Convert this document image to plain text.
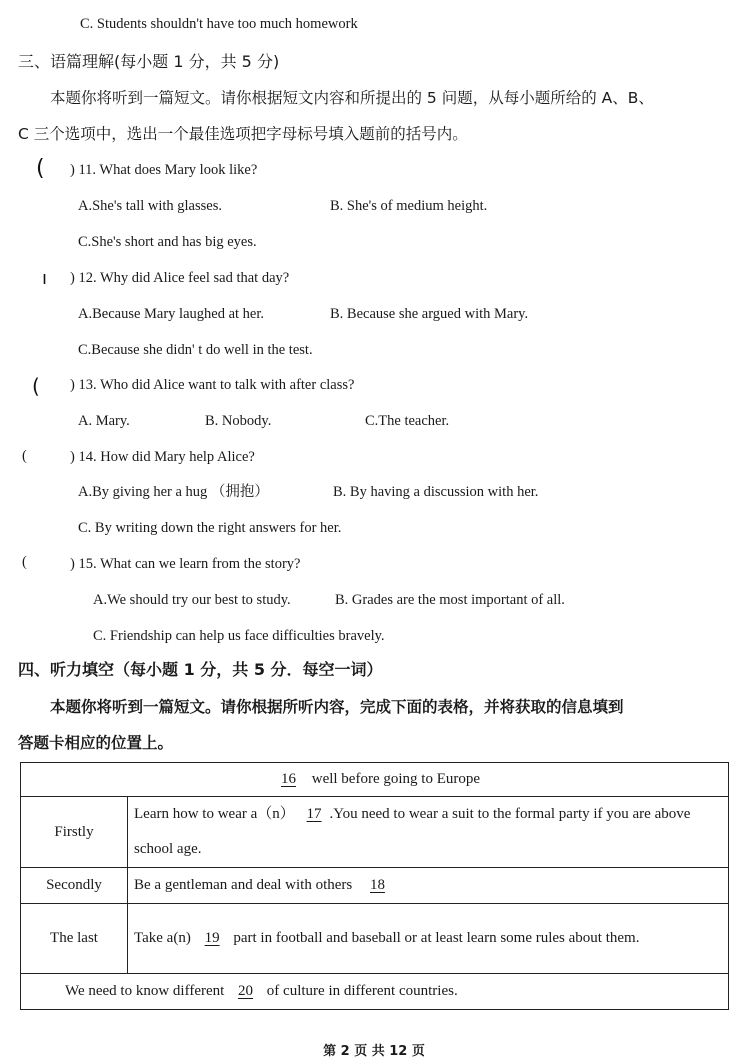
C. Students shouldn't have too much homework
三、语篇理解(每小题 1 分，共 5 分)
本题你将听到一篇短文。请你根据短文内容和所提出的 5 问题，从每小题所给的 A、B、
C 三个选项中，选出一个最佳选项把字母标号填入题前的括号内。
(
ı
(
(
(
) 11. What does Mary look like?
A.She's tall with glasses.	B. She's of medium height.
C.She's short and has big eyes.
) 12. Why did Alice feel sad that day?
A.Because Mary laughed at her.	B. Because she argued with Mary.
C.Because she didn' t do well in the test.
) 13. Who did Alice want to talk with after class?
A. Mary.	B. Nobody.	C.The teacher.
) 14. How did Mary help Alice?
A.By giving her a hug （拥抱）	B. By having a discussion with her.
C. By writing down the right answers for her.
) 15. What can we learn from the story?
A.We should try our best to study.	B. Grades are the most important of all.
C. Friendship can help us face difficulties bravely.
四、听力填空（每小题 1 分，共 5 分．每空一词）
本题你将听到一篇短文。请你根据所听内容，完成下面的表格，并将获取的信息填到
答题卡相应的位置上。
16 well before going to Europe	
Firstly	Learn how to wear a（n） 17 .You need to wear a suit to the formal party if you are above school age.
Secondly	Be a gentleman and deal with others 18
The last	Take a(n) 19 part in football and baseball or at least learn some rules about them.
We need to know different 20 of culture in different countries.	
第 2 页 共 12 页
